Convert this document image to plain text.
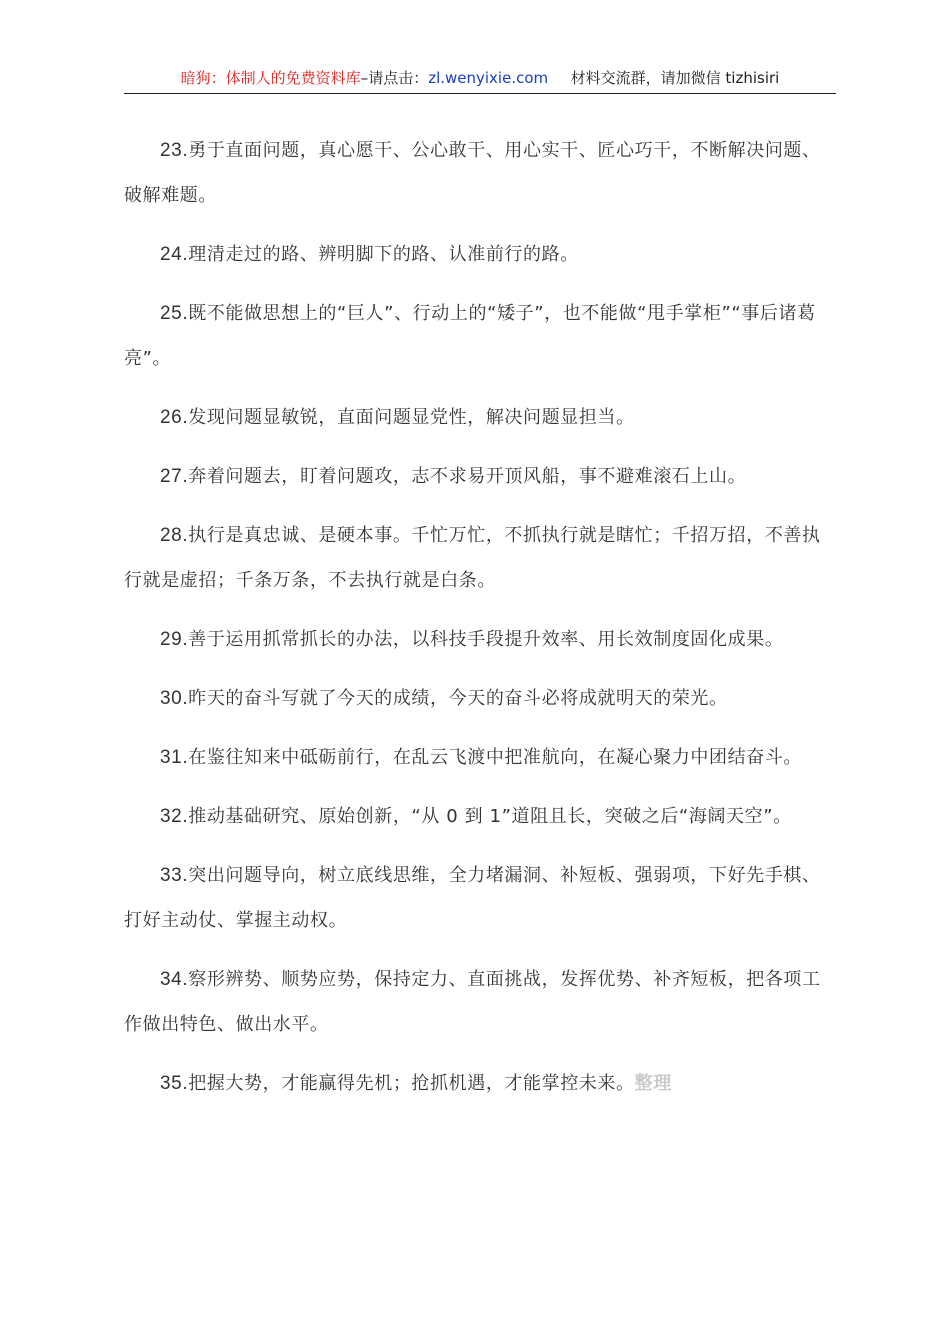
暗狗：体制人的免费资料库–请点击：zl.wenyixie.com   材料交流群，请加微信 tizhisiri

23.勇于直面问题，真心愿干、公心敢干、用心实干、匠心巧干，不断解决问题、破解难题。

24.理清走过的路、辨明脚下的路、认准前行的路。

25.既不能做思想上的“巨人”、行动上的“矮子”，也不能做“甩手掌柜”“事后诸葛亮”。

26.发现问题显敏锐，直面问题显党性，解决问题显担当。

27.奔着问题去，盯着问题攻，志不求易开顶风船，事不避难滚石上山。

28.执行是真忠诚、是硬本事。千忙万忙，不抓执行就是瞎忙；千招万招，不善执行就是虚招；千条万条，不去执行就是白条。

29.善于运用抓常抓长的办法，以科技手段提升效率、用长效制度固化成果。

30.昨天的奋斗写就了今天的成绩，今天的奋斗必将成就明天的荣光。

31.在鉴往知来中砥砺前行，在乱云飞渡中把准航向，在凝心聚力中团结奋斗。

32.推动基础研究、原始创新，“从 0 到 1”道阻且长，突破之后“海阔天空”。

33.突出问题导向，树立底线思维，全力堵漏洞、补短板、强弱项，下好先手棋、打好主动仗、掌握主动权。

34.察形辨势、顺势应势，保持定力、直面挑战，发挥优势、补齐短板，把各项工作做出特色、做出水平。

35.把握大势，才能赢得先机；抢抓机遇，才能掌控未来。整理
